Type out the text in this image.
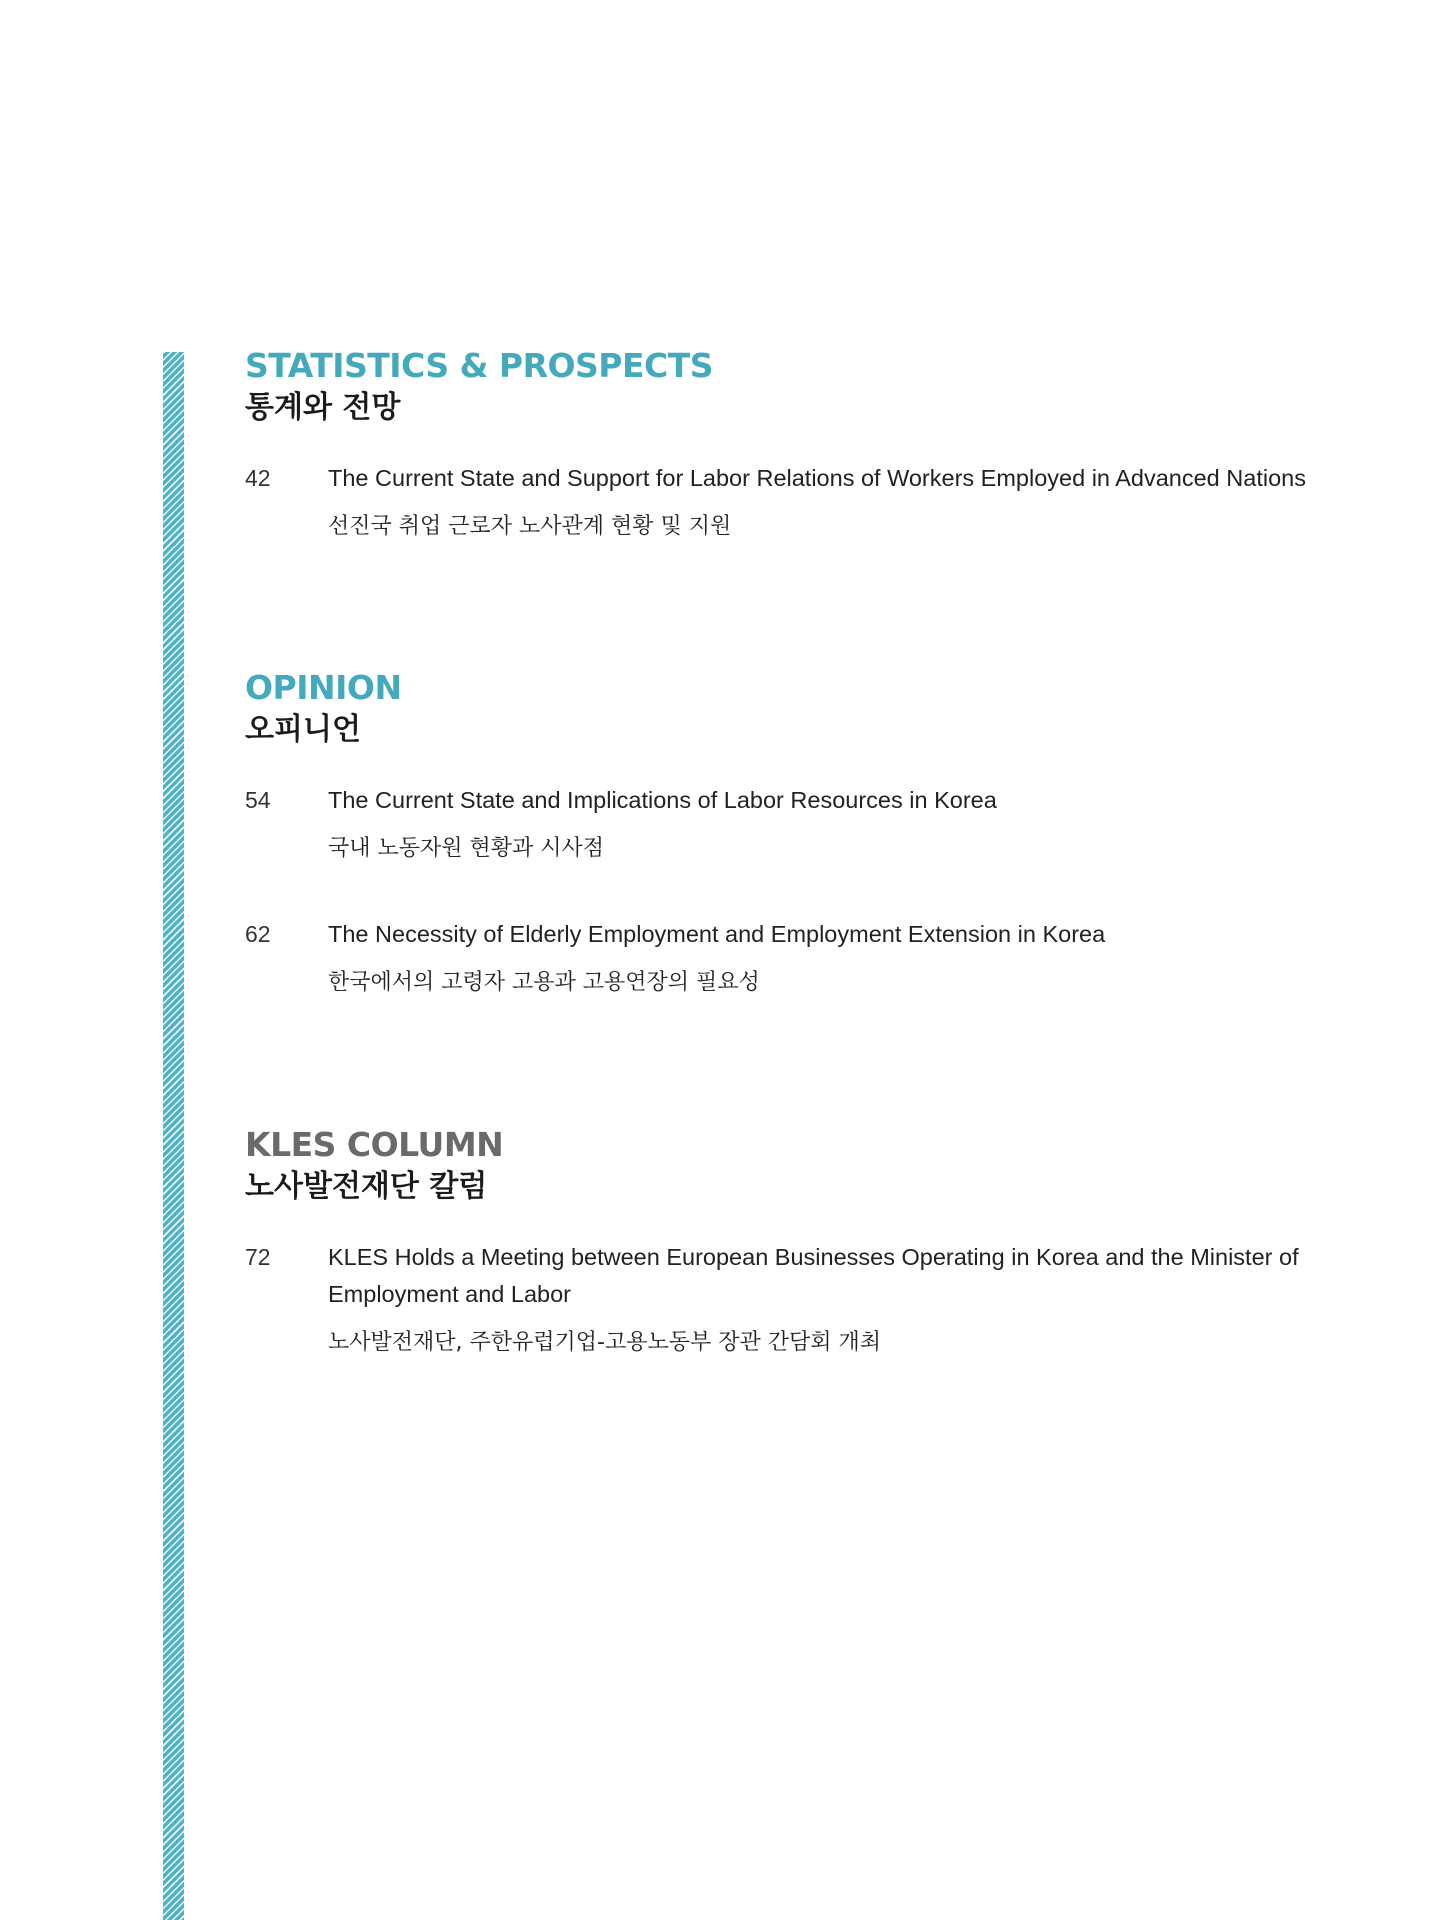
STATISTICS & PROSPECTS
통계와 전망
42 The Current State and Support for Labor Relations of Workers Employed in Advanced Nations

선진국 취업 근로자 노사관계 현황 및 지원

OPINION
오피니언
54 The Current State and Implications of Labor Resources in Korea

국내 노동자원 현황과 시사점

62 The Necessity of Elderly Employment and Employment Extension in Korea

한국에서의 고령자 고용과 고용연장의 필요성

KLES COLUMN
노사발전재단 칼럼
72 KLES Holds a Meeting between European Businesses Operating in Korea and the Minister of Employment and Labor

노사발전재단, 주한유럽기업-고용노동부 장관 간담회 개최
